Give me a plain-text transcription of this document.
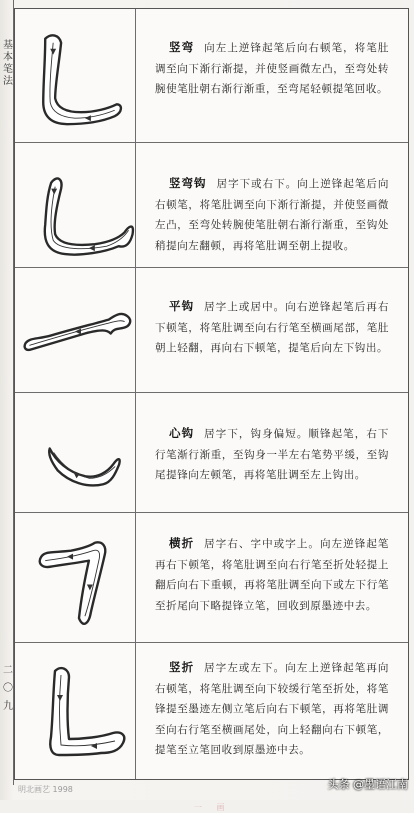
基
本
笔
法
二
〇
九
竖弯 向左上逆锋起笔后向右顿笔，将笔肚调至向下渐行渐提，并使竖画微左凸，至弯处转腕使笔肚朝右渐行渐重，至弯尾轻顿提笔回收。
竖弯钩 居字下或右下。向上逆锋起笔后向右顿笔，将笔肚调至向下渐行渐提，并使竖画微左凸，至弯处转腕使笔肚朝右渐行渐重，至钩处稍提向左翻顿，再将笔肚调至朝上提收。
平钩 居字上或居中。向右逆锋起笔后再右下顿笔，将笔肚调至向右行笔至横画尾部，笔肚朝上轻翻，再向右下顿笔，提笔后向左下钩出。
一 画
心钩 居字下，钩身偏短。顺锋起笔，右下行笔渐行渐重，至钩身一半左右笔势平缓，至钩尾提锋向左顿笔，再将笔肚调至左上钩出。
横折 居字右、字中或字上。向左逆锋起笔再右下顿笔，将笔肚调至向右行笔至折处轻提上翻后向右下重顿，再将笔肚调至向下或左下行笔至折尾向下略提锋立笔，回收到原墨迹中去。
竖折 居字左或左下。向左上逆锋起笔再向右顿笔，将笔肚调至向下较缓行笔至折处，将笔锋提至墨迹左侧立笔后向右下顿笔，再将笔肚调至向右行笔至横画尾处，向上轻翻向右下顿笔，提笔至立笔回收到原墨迹中去。
明北画艺 1998	头条 @墨语江南
